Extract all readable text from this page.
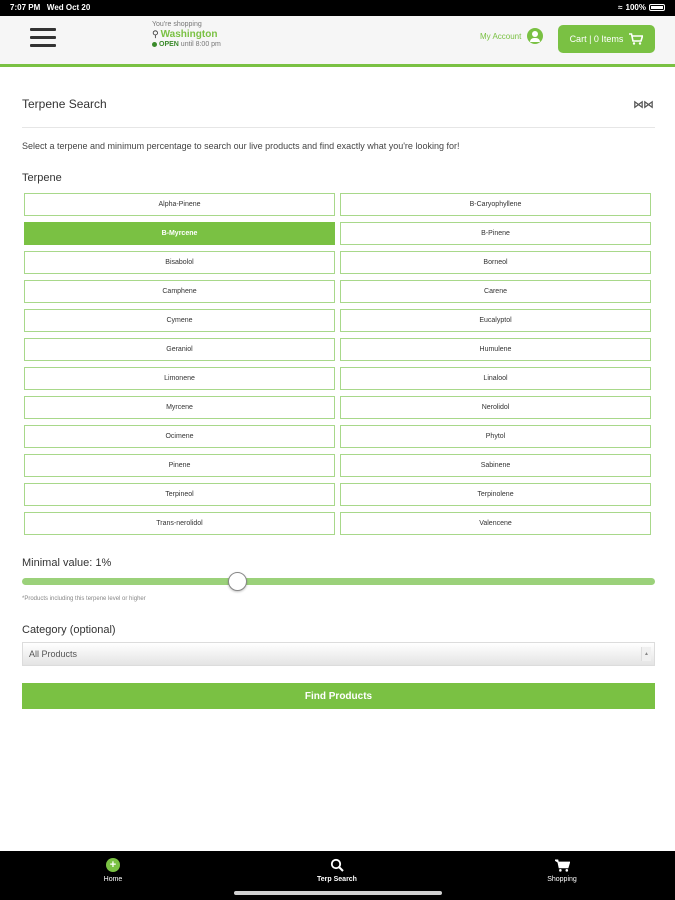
7:07 PM Wed Oct 20	≈ 100%
You're shopping
⚲ Washington
OPEN until 8:00 pm
My Account	Cart | 0 Items
Terpene Search	⋈⋈
Select a terpene and minimum percentage to search our live products and find exactly what you're looking for!
Terpene
Alpha-Pinene	B-Caryophyllene
B-Myrcene	B-Pinene
Bisabolol	Borneol
Camphene	Carene
Cymene	Eucalyptol
Geraniol	Humulene
Limonene	Linalool
Myrcene	Nerolidol
Ocimene	Phytol
Pinene	Sabinene
Terpineol	Terpinolene
Trans-nerolidol	Valencene
Minimal value: 1%
*Products including this terpene level or higher
Category (optional)
All Products	▲

Find Products
+
Home	Terp Search	Shopping
